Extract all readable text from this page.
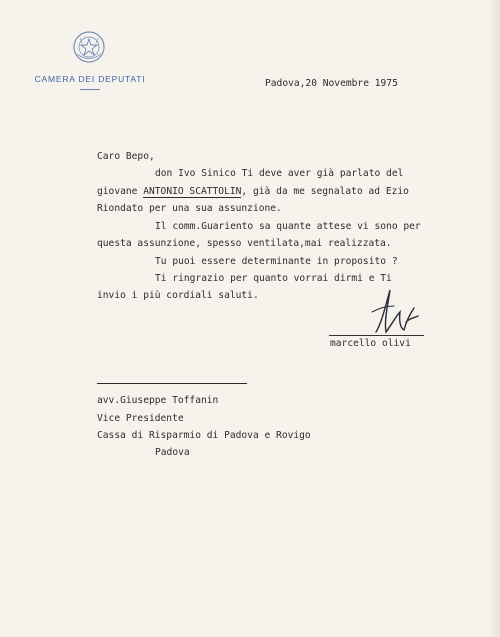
CAMERA DEI DEPUTATI	Padova,20 Novembre 1975
Caro Bepo,
don Ivo Sinico Ti deve aver già parlato del
giovane ANTONIO SCATTOLIN, già da me segnalato ad Ezio
Riondato per una sua assunzione.
Il comm.Guariento sa quante attese vi sono per
questa assunzione, spesso ventilata,mai realizzata.
Tu puoi essere determinante in proposito ?
Ti ringrazio per quanto vorrai dirmi e Ti
invio i più cordiali saluti.
marcello olivi
avv.Giuseppe Toffanin
Vice Presidente
Cassa di Risparmio di Padova e Rovigo
Padova
